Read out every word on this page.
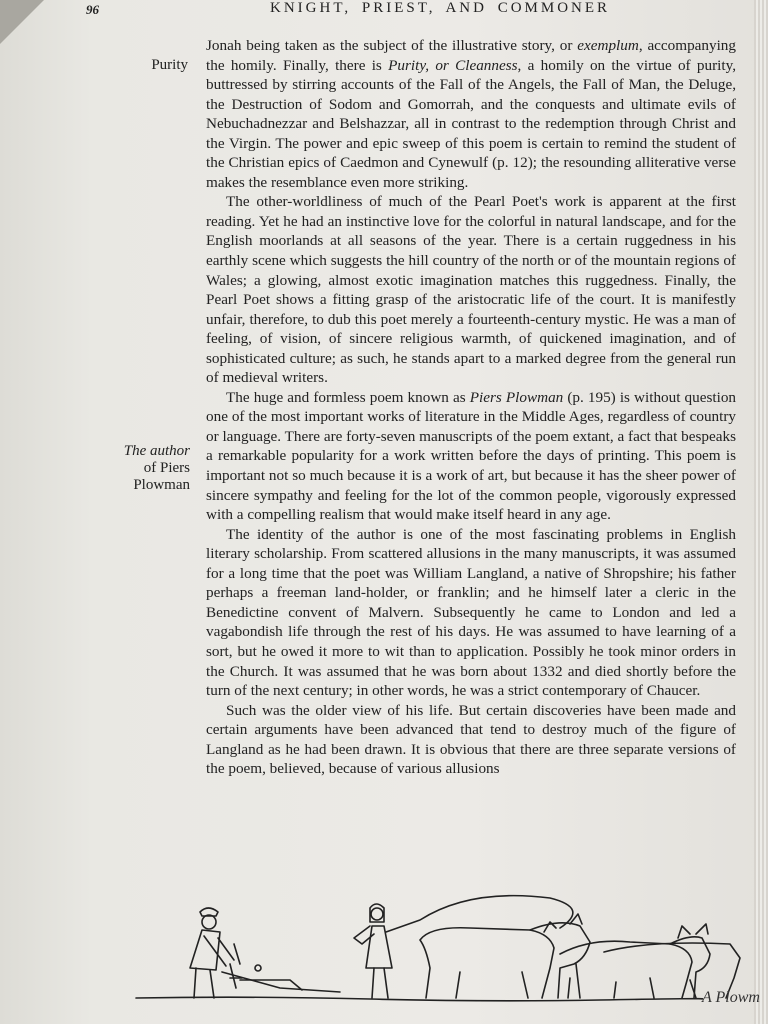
96	KNIGHT, PRIEST, AND COMMONER
Purity
The author
of Piers
Plowman

Jonah being taken as the subject of the illustrative story, or exemplum, accompanying the homily. Finally, there is Purity, or Cleanness, a homily on the virtue of purity, buttressed by stirring accounts of the Fall of the Angels, the Fall of Man, the Deluge, the Destruction of Sodom and Gomorrah, and the conquests and ultimate evils of Nebuchadnezzar and Belshazzar, all in contrast to the redemption through Christ and the Virgin. The power and epic sweep of this poem is certain to remind the student of the Christian epics of Caedmon and Cynewulf (p. 12); the resounding alliterative verse makes the resemblance even more striking.

The other-worldliness of much of the Pearl Poet's work is apparent at the first reading. Yet he had an instinctive love for the colorful in natural landscape, and for the English moorlands at all seasons of the year. There is a certain ruggedness in his earthly scene which suggests the hill country of the north or of the mountain regions of Wales; a glowing, almost exotic imagination matches this ruggedness. Finally, the Pearl Poet shows a fitting grasp of the aristocratic life of the court. It is manifestly unfair, therefore, to dub this poet merely a fourteenth-century mystic. He was a man of feeling, of vision, of sincere religious warmth, of quickened imagination, and of sophisticated culture; as such, he stands apart to a marked degree from the general run of medieval writers.

The huge and formless poem known as Piers Plowman (p. 195) is without question one of the most important works of literature in the Middle Ages, regardless of country or language. There are forty-seven manuscripts of the poem extant, a fact that bespeaks a remarkable popularity for a work written before the days of printing. This poem is important not so much because it is a work of art, but because it has the sheer power of sincere sympathy and feeling for the lot of the common people, vigorously expressed with a compelling realism that would make itself heard in any age.

The identity of the author is one of the most fascinating problems in English literary scholarship. From scattered allusions in the many manuscripts, it was assumed for a long time that the poet was William Langland, a native of Shropshire; his father perhaps a freeman land-holder, or franklin; and he himself later a cleric in the Benedictine convent of Malvern. Subsequently he came to London and led a vagabondish life through the rest of his days. He was assumed to have learning of a sort, but he owed it more to wit than to application. Possibly he took minor orders in the Church. It was assumed that he was born about 1332 and died shortly before the turn of the next century; in other words, he was a strict contemporary of Chaucer.

Such was the older view of his life. But certain discoveries have been made and certain arguments have been advanced that tend to destroy much of the figure of Langland as he had been drawn. It is obvious that there are three separate versions of the poem, believed, because of various allusions

A Plowm
